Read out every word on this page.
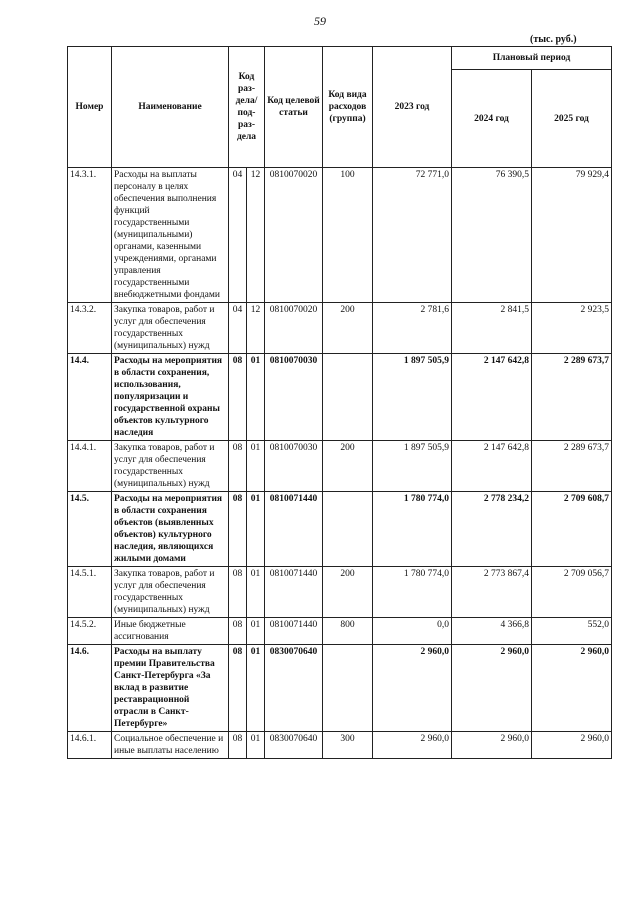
59
(тыс. руб.)
Номер	Наименование	Код раз-дела/ под-раз-дела		Код целевой статьи	Код вида расходов (группа)	2023 год	Плановый период	
							2024 год	2025 год
14.3.1.	Расходы на выплаты персоналу в целях обеспечения выполнения функций государственными (муниципальными) органами, казенными учреждениями, органами управления государственными внебюджетными фондами	04	12	0810070020	100	72 771,0	76 390,5	79 929,4
14.3.2.	Закупка товаров, работ и услуг для обеспечения государственных (муниципальных) нужд	04	12	0810070020	200	2 781,6	2 841,5	2 923,5
14.4.	Расходы на мероприятия в области сохранения, использования, популяризации и государственной охраны объектов культурного наследия	08	01	0810070030		1 897 505,9	2 147 642,8	2 289 673,7
14.4.1.	Закупка товаров, работ и услуг для обеспечения государственных (муниципальных) нужд	08	01	0810070030	200	1 897 505,9	2 147 642,8	2 289 673,7
14.5.	Расходы на мероприятия в области сохранения объектов (выявленных объектов) культурного наследия, являющихся жилыми домами	08	01	0810071440		1 780 774,0	2 778 234,2	2 709 608,7
14.5.1.	Закупка товаров, работ и услуг для обеспечения государственных (муниципальных) нужд	08	01	0810071440	200	1 780 774,0	2 773 867,4	2 709 056,7
14.5.2.	Иные бюджетные ассигнования	08	01	0810071440	800	0,0	4 366,8	552,0
14.6.	Расходы на выплату премии Правительства Санкт-Петербурга «За вклад в развитие реставрационной отрасли в Санкт-Петербурге»	08	01	0830070640		2 960,0	2 960,0	2 960,0
14.6.1.	Социальное обеспечение и иные выплаты населению	08	01	0830070640	300	2 960,0	2 960,0	2 960,0
